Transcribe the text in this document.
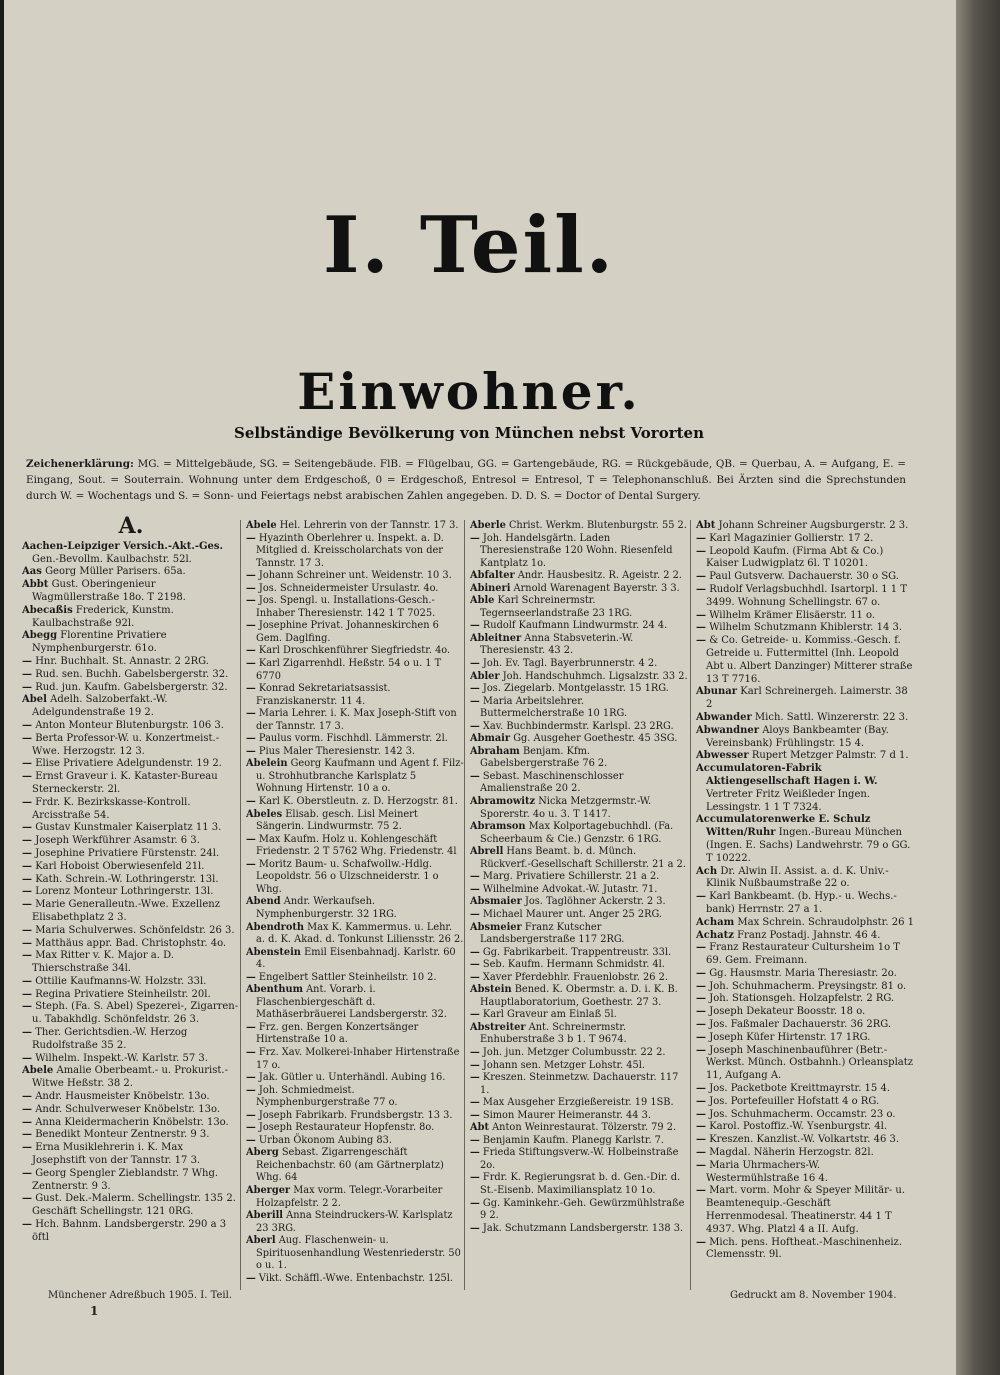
I. Teil.
Einwohner.
Selbständige Bevölkerung von München nebst Vororten
Zeichenerklärung: MG. = Mittelgebäude, SG. = Seitengebäude. FlB. = Flügelbau, GG. = Gartengebäude, RG. = Rückgebäude, QB. = Querbau, A. = Aufgang, E. = Eingang, Sout. = Souterrain. Wohnung unter dem Erdgeschoß, 0 = Erdgeschoß, Entresol = Entresol, T = Telephonanschluß. Bei Ärzten sind die Sprechstunden durch W. = Wochentags und S. = Sonn- und Feiertags nebst arabischen Zahlen angegeben. D. D. S. = Doctor of Dental Surgery.
A.

Aachen-Leipziger Versich.-Akt.-Ges. Gen.-Bevollm. Kaulbachstr. 52l.

Aas Georg Müller Parisers. 65a.

Abbt Gust. Oberingenieur Wagmüllerstraße 18o. T 2198.

Abecaßis Frederick, Kunstm. Kaulbachstraße 92l.

Abegg Florentine Privatiere Nymphenburgerstr. 61o.

— Hnr. Buchhalt. St. Annastr. 2 2RG.

— Rud. sen. Buchh. Gabelsbergerstr. 32.

— Rud. jun. Kaufm. Gabelsbergerstr. 32.

Abel Adelh. Salzoberfakt.-W. Adelgundenstraße 19 2.

— Anton Monteur Blutenburgstr. 106 3.

— Berta Professor-W. u. Konzertmeist.-Wwe. Herzogstr. 12 3.

— Elise Privatiere Adelgundenstr. 19 2.

— Ernst Graveur i. K. Kataster-Bureau Sterneckerstr. 2l.

— Frdr. K. Bezirkskasse-Kontroll. Arcisstraße 54.

— Gustav Kunstmaler Kaiserplatz 11 3.

— Joseph Werkführer Asamstr. 6 3.

— Josephine Privatiere Fürstenstr. 24l.

— Karl Hoboist Oberwiesenfeld 21l.

— Kath. Schrein.-W. Lothringerstr. 13l.

— Lorenz Monteur Lothringerstr. 13l.

— Marie Generalleutn.-Wwe. Exzellenz Elisabethplatz 2 3.

— Maria Schulverwes. Schönfeldstr. 26 3.

— Matthäus appr. Bad. Christophstr. 4o.

— Max Ritter v. K. Major a. D. Thierschstraße 34l.

— Ottilie Kaufmanns-W. Holzstr. 33l.

— Regina Privatiere Steinheilstr. 20l.

— Steph. (Fa. S. Abel) Spezerei-, Zigarren- u. Tabakhdlg. Schönfeldstr. 26 3.

— Ther. Gerichtsdien.-W. Herzog Rudolfstraße 35 2.

— Wilhelm. Inspekt.-W. Karlstr. 57 3.

Abele Amalie Oberbeamt.- u. Prokurist.-Witwe Heßstr. 38 2.

— Andr. Hausmeister Knöbelstr. 13o.

— Andr. Schulverweser Knöbelstr. 13o.

— Anna Kleidermacherin Knöbelstr. 13o.

— Benedikt Monteur Zentnerstr. 9 3.

— Erna Musiklehrerin i. K. Max Josephstift von der Tannstr. 17 3.

— Georg Spengler Zieblandstr. 7 Whg. Zentnerstr. 9 3.

— Gust. Dek.-Malerm. Schellingstr. 135 2. Geschäft Schellingstr. 121 0RG.

— Hch. Bahnm. Landsbergerstr. 290 a 3 öftl

Abele Hel. Lehrerin von der Tannstr. 17 3.

— Hyazinth Oberlehrer u. Inspekt. a. D. Mitglied d. Kreisscholarchats von der Tannstr. 17 3.

— Johann Schreiner unt. Weidenstr. 10 3.

— Jos. Schneidermeister Ursulastr. 4o.

— Jos. Spengl. u. Installations-Gesch.-Inhaber Theresienstr. 142 1 T 7025.

— Josephine Privat. Johanneskirchen 6 Gem. Daglfing.

— Karl Droschkenführer Siegfriedstr. 4o.

— Karl Zigarrenhdl. Heßstr. 54 o u. 1 T 6770

— Konrad Sekretariatsassist. Franziskanerstr. 11 4.

— Maria Lehrer. i. K. Max Joseph-Stift von der Tannstr. 17 3.

— Paulus vorm. Fischhdl. Lämmerstr. 2l.

— Pius Maler Theresienstr. 142 3.

Abelein Georg Kaufmann und Agent f. Filz- u. Strohhutbranche Karlsplatz 5 Wohnung Hirtenstr. 10 a o.

— Karl K. Oberstleutn. z. D. Herzogstr. 81.

Abeles Elisab. gesch. Lisl Meinert Sängerin. Lindwurmstr. 75 2.

— Max Kaufm. Holz u. Kohlengeschäft Friedenstr. 2 T 5762 Whg. Friedenstr. 4l

— Moritz Baum- u. Schafwollw.-Hdlg. Leopoldstr. 56 o Ulzschneiderstr. 1 o Whg.

Abend Andr. Werkaufseh. Nymphenburgerstr. 32 1RG.

Abendroth Max K. Kammermus. u. Lehr. a. d. K. Akad. d. Tonkunst Liliensstr. 26 2.

Abenstein Emil Eisenbahnadj. Karlstr. 60 4.

— Engelbert Sattler Steinheilstr. 10 2.

Abenthum Ant. Vorarb. i. Flaschenbiergeschäft d. Mathäserbräuerei Landsbergerstr. 32.

— Frz. gen. Bergen Konzertsänger Hirtenstraße 10 a.

— Frz. Xav. Molkerei-Inhaber Hirtenstraße 17 o.

— Jak. Gütler u. Unterhändl. Aubing 16.

— Joh. Schmiedmeist. Nymphenburgerstraße 77 o.

— Joseph Fabrikarb. Frundsbergstr. 13 3.

— Joseph Restaurateur Hopfenstr. 8o.

— Urban Ökonom Aubing 83.

Aberg Sebast. Zigarrengeschäft Reichenbachstr. 60 (am Gärtnerplatz) Whg. 64

Aberger Max vorm. Telegr.-Vorarbeiter Holzapfelstr. 2 2.

Aberill Anna Steindruckers-W. Karlsplatz 23 3RG.

Aberl Aug. Flaschenwein- u. Spirituosenhandlung Westenriederstr. 50 o u. 1.

— Vikt. Schäffl.-Wwe. Entenbachstr. 125l.

Aberle Christ. Werkm. Blutenburgstr. 55 2.

— Joh. Handelsgärtn. Laden Theresienstraße 120 Wohn. Riesenfeld Kantplatz 1o.

Abfalter Andr. Hausbesitz. R. Ageistr. 2 2.

Abineri Arnold Warenagent Bayerstr. 3 3.

Able Karl Schreinermstr. Tegernseerlandstraße 23 1RG.

— Rudolf Kaufmann Lindwurmstr. 24 4.

Ableitner Anna Stabsveterin.-W. Theresienstr. 43 2.

— Joh. Ev. Tagl. Bayerbrunnerstr. 4 2.

Abler Joh. Handschuhmch. Ligsalzstr. 33 2.

— Jos. Ziegelarb. Montgelasstr. 15 1RG.

— Maria Arbeitslehrer. Buttermelcherstraße 10 1RG.

— Xav. Buchbindermstr. Karlspl. 23 2RG.

Abmair Gg. Ausgeher Goethestr. 45 3SG.

Abraham Benjam. Kfm. Gabelsbergerstraße 76 2.

— Sebast. Maschinenschlosser Amalienstraße 20 2.

Abramowitz Nicka Metzgermstr.-W. Sporerstr. 4o u. 3. T 1417.

Abramson Max Kolportagebuchhdl. (Fa. Scheerbaum & Cie.) Genzstr. 6 1RG.

Abrell Hans Beamt. b. d. Münch. Rückverf.-Gesellschaft Schillerstr. 21 a 2.

— Marg. Privatiere Schillerstr. 21 a 2.

— Wilhelmine Advokat.-W. Jutastr. 71.

Absmaier Jos. Taglöhner Ackerstr. 2 3.

— Michael Maurer unt. Anger 25 2RG.

Absmeier Franz Kutscher Landsbergerstraße 117 2RG.

— Gg. Fabrikarbeit. Trappentreustr. 33l.

— Seb. Kaufm. Hermann Schmidstr. 4l.

— Xaver Pferdebhlr. Frauenlobstr. 26 2.

Abstein Bened. K. Obermstr. a. D. i. K. B. Hauptlaboratorium, Goethestr. 27 3.

— Karl Graveur am Einlaß 5l.

Abstreiter Ant. Schreinermstr. Enhuberstraße 3 b 1. T 9674.

— Joh. jun. Metzger Columbusstr. 22 2.

— Johann sen. Metzger Lohstr. 45l.

— Kreszen. Steinmetzw. Dachauerstr. 117 1.

— Max Ausgeher Erzgießereistr. 19 1SB.

— Simon Maurer Heimeranstr. 44 3.

Abt Anton Weinrestaurat. Tölzerstr. 79 2.

— Benjamin Kaufm. Planegg Karlstr. 7.

— Frieda Stiftungsverw.-W. Holbeinstraße 2o.

— Frdr. K. Regierungsrat b. d. Gen.-Dir. d. St.-Eisenb. Maximiliansplatz 10 1o.

— Gg. Kaminkehr.-Geh. Gewürzmühlstraße 9 2.

— Jak. Schutzmann Landsbergerstr. 138 3.

Abt Johann Schreiner Augsburgerstr. 2 3.

— Karl Magazinier Gollierstr. 17 2.

— Leopold Kaufm. (Firma Abt & Co.) Kaiser Ludwigplatz 6l. T 10201.

— Paul Gutsverw. Dachauerstr. 30 o SG.

— Rudolf Verlagsbuchhdl. Isartorpl. 1 1 T 3499. Wohnung Schellingstr. 67 o.

— Wilhelm Krämer Elisäerstr. 11 o.

— Wilhelm Schutzmann Khiblerstr. 14 3.

— & Co. Getreide- u. Kommiss.-Gesch. f. Getreide u. Futtermittel (Inh. Leopold Abt u. Albert Danzinger) Mitterer straße 13 T 7716.

Abunar Karl Schreinergeh. Laimerstr. 38 2

Abwander Mich. Sattl. Winzererstr. 22 3.

Abwandner Aloys Bankbeamter (Bay. Vereinsbank) Frühlingstr. 15 4.

Abwesser Rupert Metzger Palmstr. 7 d 1.

Accumulatoren-Fabrik Aktiengesellschaft Hagen i. W. Vertreter Fritz Weißleder Ingen. Lessingstr. 1 1 T 7324.

Accumulatorenwerke E. Schulz Witten/Ruhr Ingen.-Bureau München (Ingen. E. Sachs) Landwehrstr. 79 o GG. T 10222.

Ach Dr. Alwin II. Assist. a. d. K. Univ.-Klinik Nußbaumstraße 22 o.

— Karl Bankbeamt. (b. Hyp.- u. Wechs.-bank) Herrnstr. 27 a 1.

Acham Max Schrein. Schraudolphstr. 26 1

Achatz Franz Postadj. Jahnstr. 46 4.

— Franz Restaurateur Cultursheim 1o T 69. Gem. Freimann.

— Gg. Hausmstr. Maria Theresiastr. 2o.

— Joh. Schuhmacherm. Preysingstr. 81 o.

— Joh. Stationsgeh. Holzapfelstr. 2 RG.

— Joseph Dekateur Boosstr. 18 o.

— Jos. Faßmaler Dachauerstr. 36 2RG.

— Joseph Küfer Hirtenstr. 17 1RG.

— Joseph Maschinenbauführer (Betr.-Werkst. Münch. Ostbahnh.) Orleansplatz 11, Aufgang A.

— Jos. Packetbote Kreittmayrstr. 15 4.

— Jos. Portefeuiller Hofstatt 4 o RG.

— Jos. Schuhmacherm. Occamstr. 23 o.

— Karol. Postoffiz.-W. Ysenburgstr. 4l.

— Kreszen. Kanzlist.-W. Volkartstr. 46 3.

— Magdal. Näherin Herzogstr. 82l.

— Maria Uhrmachers-W. Westermühlstraße 16 4.

— Mart. vorm. Mohr & Speyer Militär- u. Beamtenequip.-Geschäft Herrenmodesal. Theatinerstr. 44 1 T 4937. Whg. Platzl 4 a II. Aufg.

— Mich. pens. Hoftheat.-Maschinenheiz. Clemensstr. 9l.

Münchener Adreßbuch 1905. I. Teil.
1
Gedruckt am 8. November 1904.
